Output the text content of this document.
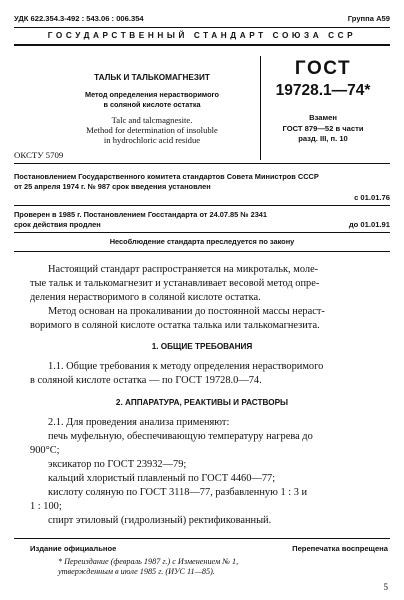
УДК 622.354.3-492 : 543.06 : 006.354	Группа А59

ГОСУДАРСТВЕННЫЙ СТАНДАРТ СОЮЗА ССР

ТАЛЬК И ТАЛЬКОМАГНЕЗИТ

Метод определения нерастворимого

в соляной кислоте остатка

Talc and talcmagnesite.

Method for determination of insoluble

in hydrochloric acid residue

ОКСТУ 5709

ГОСТ

19728.1—74*

Взамен

ГОСТ 879—52 в части

разд. III, п. 10

Постановлением Государственного комитета стандартов Совета Министров СССР

от 25 апреля 1974 г. № 987 срок введения установлен

с 01.01.76

Проверен в 1985 г. Постановлением Госстандарта от 24.07.85 № 2341

срок действия продлен	до 01.01.91

Несоблюдение стандарта преследуется по закону

Настоящий стандарт распространяется на микротальк, моле-

тые тальк и талькомагнезит и устанавливает весовой метод опре-

деления нерастворимого в соляной кислоте остатка.

Метод основан на прокаливании до постоянной массы нераст-

воримого в соляной кислоте остатка талька или талькомагнезита.

1. ОБЩИЕ ТРЕБОВАНИЯ

1.1. Общие требования к методу определения нерастворимого

в соляной кислоте остатка — по ГОСТ 19728.0—74.

2. АППАРАТУРА, РЕАКТИВЫ И РАСТВОРЫ

2.1. Для проведения анализа применяют:

печь муфельную, обеспечивающую температуру нагрева до

900°С;

эксикатор по ГОСТ 23932—79;

кальций хлористый плавленый по ГОСТ 4460—77;

кислоту соляную по ГОСТ 3118—77, разбавленную 1 : 3 и

1 : 100;

спирт этиловый (гидролизный) ректификованный.

Издание официальное	Перепечатка воспрещена

* Переиздание (февраль 1987 г.) с Изменением № 1,

утвержденным в июле 1985 г. (ИУС 11—85).

5
